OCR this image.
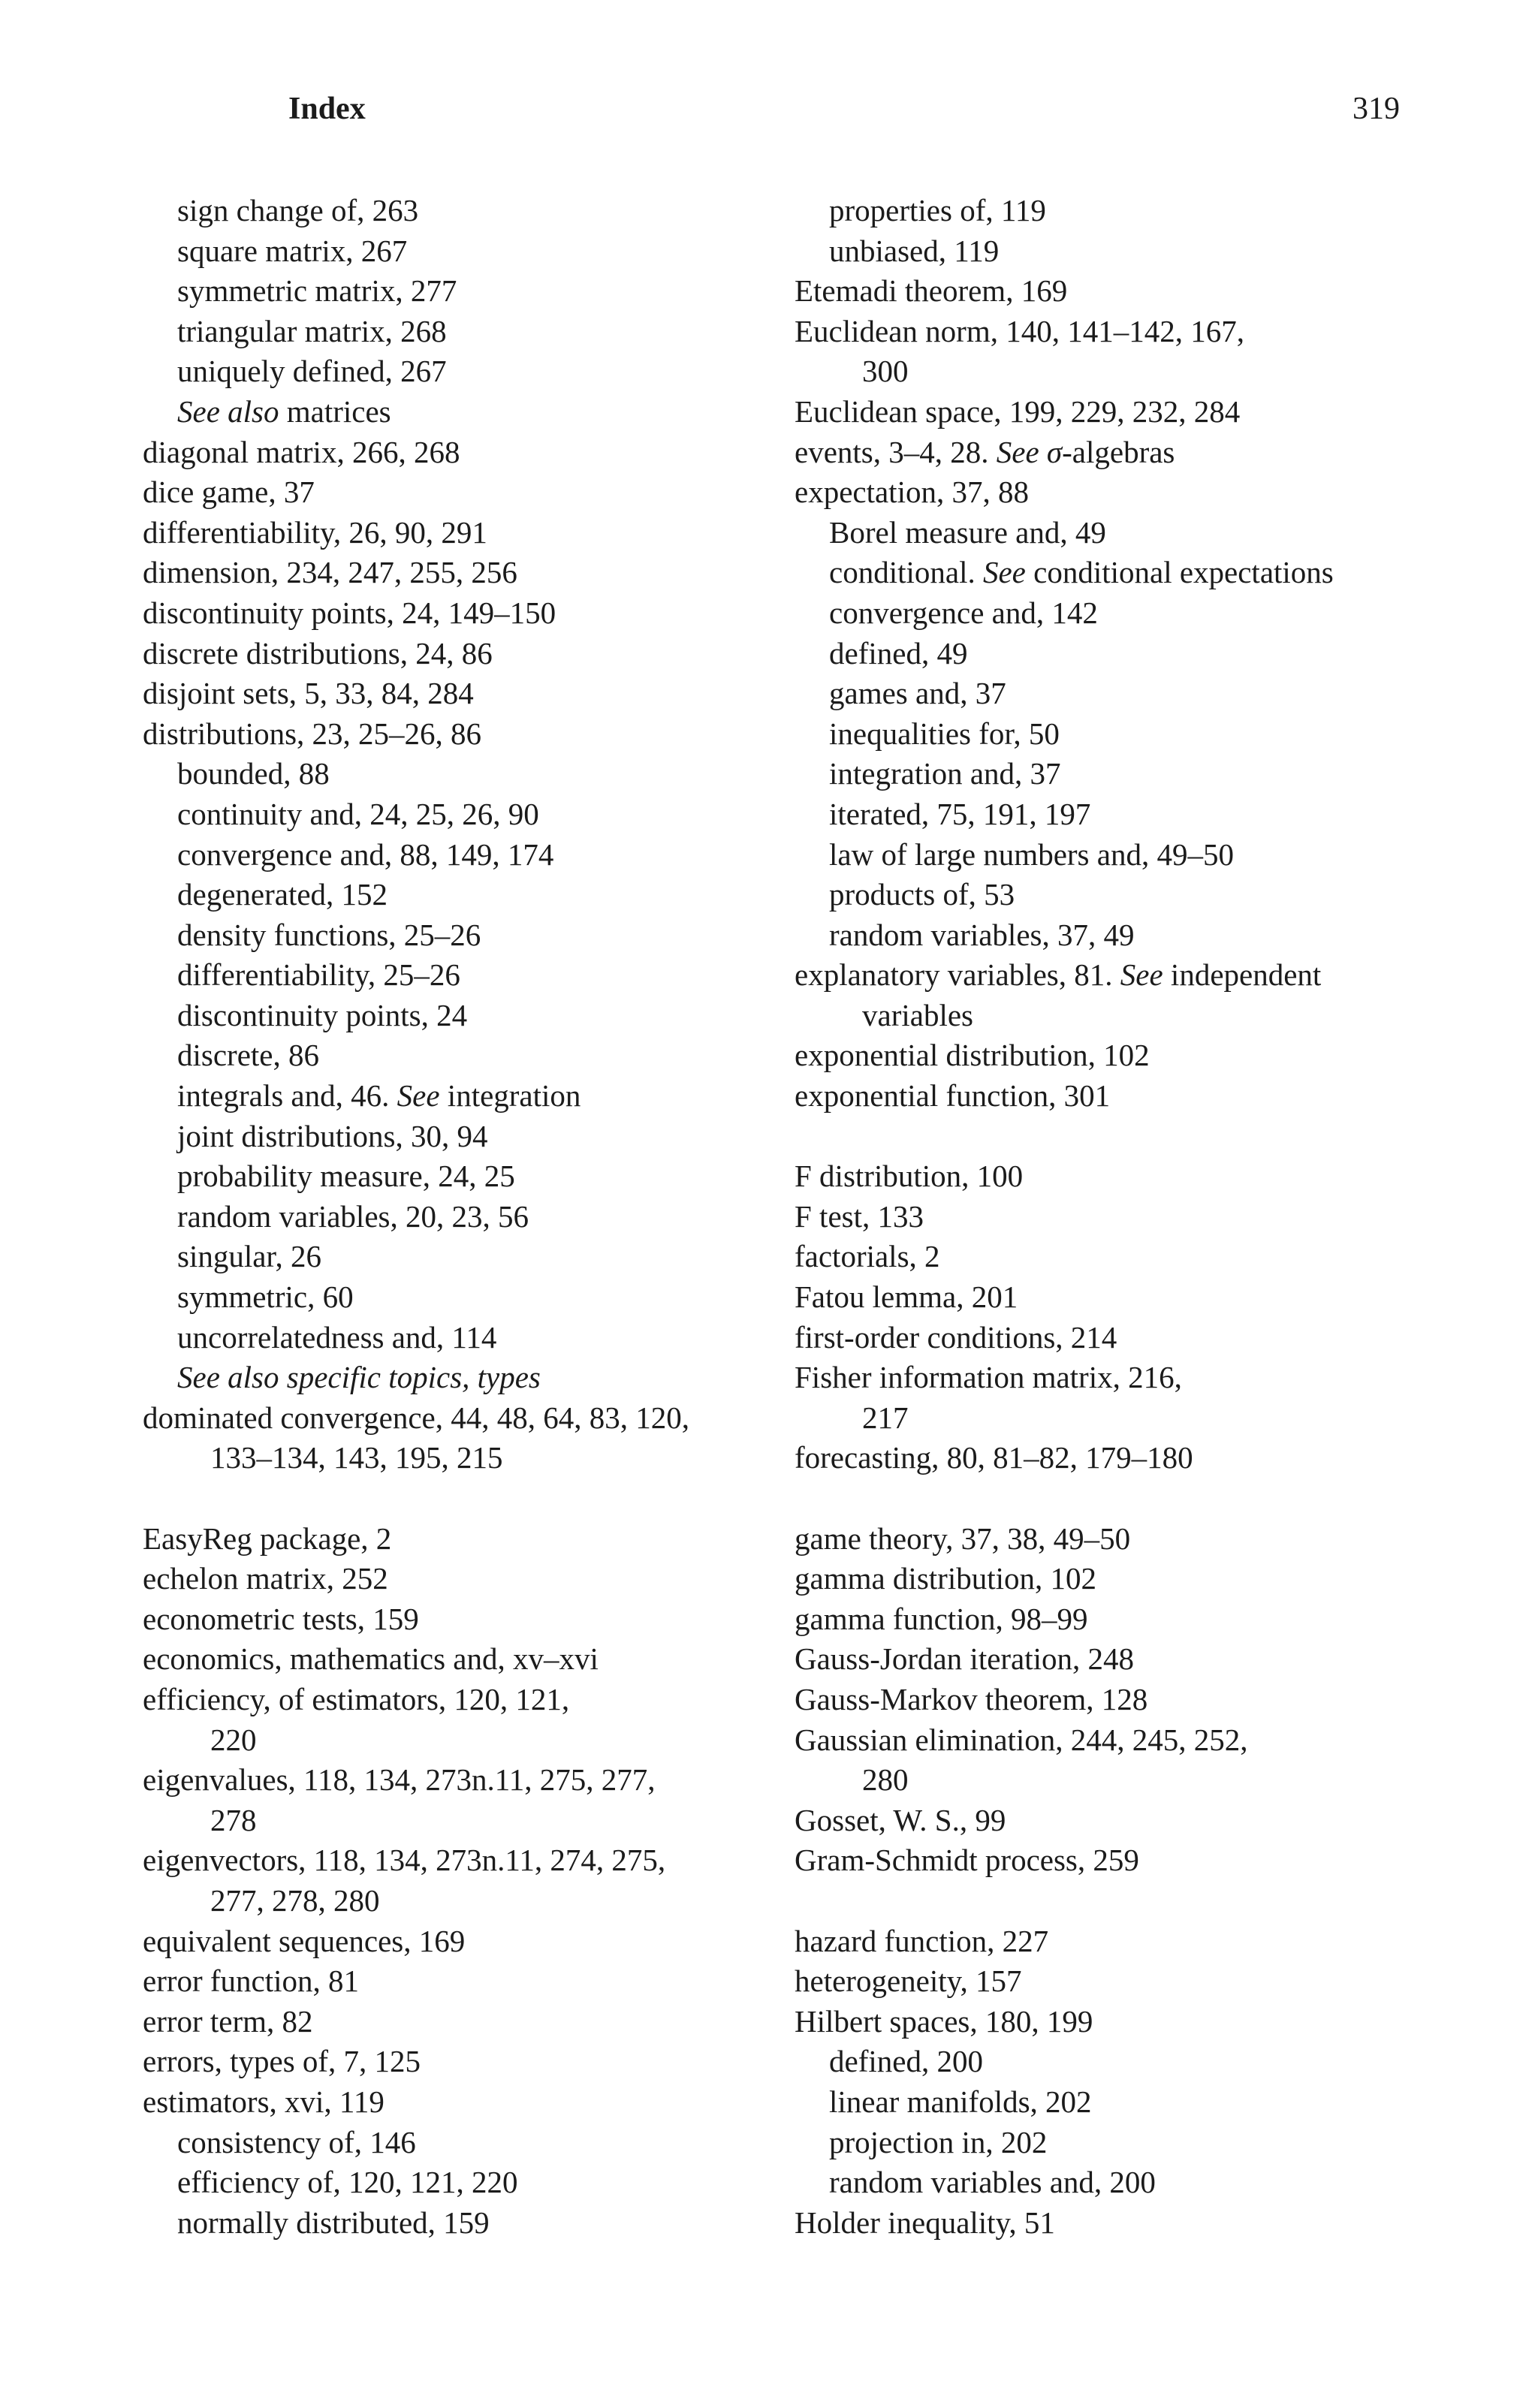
Index	319
sign change of, 263
square matrix, 267
symmetric matrix, 277
triangular matrix, 268
uniquely defined, 267
See also matrices
diagonal matrix, 266, 268
dice game, 37
differentiability, 26, 90, 291
dimension, 234, 247, 255, 256
discontinuity points, 24, 149–150
discrete distributions, 24, 86
disjoint sets, 5, 33, 84, 284
distributions, 23, 25–26, 86
bounded, 88
continuity and, 24, 25, 26, 90
convergence and, 88, 149, 174
degenerated, 152
density functions, 25–26
differentiability, 25–26
discontinuity points, 24
discrete, 86
integrals and, 46. See integration
joint distributions, 30, 94
probability measure, 24, 25
random variables, 20, 23, 56
singular, 26
symmetric, 60
uncorrelatedness and, 114
See also specific topics, types
dominated convergence, 44, 48, 64, 83, 120,
133–134, 143, 195, 215
EasyReg package, 2
echelon matrix, 252
econometric tests, 159
economics, mathematics and, xv–xvi
efficiency, of estimators, 120, 121,
220
eigenvalues, 118, 134, 273n.11, 275, 277,
278
eigenvectors, 118, 134, 273n.11, 274, 275,
277, 278, 280
equivalent sequences, 169
error function, 81
error term, 82
errors, types of, 7, 125
estimators, xvi, 119
consistency of, 146
efficiency of, 120, 121, 220
normally distributed, 159
properties of, 119
unbiased, 119
Etemadi theorem, 169
Euclidean norm, 140, 141–142, 167,
300
Euclidean space, 199, 229, 232, 284
events, 3–4, 28. See σ-algebras
expectation, 37, 88
Borel measure and, 49
conditional. See conditional expectations
convergence and, 142
defined, 49
games and, 37
inequalities for, 50
integration and, 37
iterated, 75, 191, 197
law of large numbers and, 49–50
products of, 53
random variables, 37, 49
explanatory variables, 81. See independent
variables
exponential distribution, 102
exponential function, 301
F distribution, 100
F test, 133
factorials, 2
Fatou lemma, 201
first-order conditions, 214
Fisher information matrix, 216,
217
forecasting, 80, 81–82, 179–180
game theory, 37, 38, 49–50
gamma distribution, 102
gamma function, 98–99
Gauss-Jordan iteration, 248
Gauss-Markov theorem, 128
Gaussian elimination, 244, 245, 252,
280
Gosset, W. S., 99
Gram-Schmidt process, 259
hazard function, 227
heterogeneity, 157
Hilbert spaces, 180, 199
defined, 200
linear manifolds, 202
projection in, 202
random variables and, 200
Holder inequality, 51
